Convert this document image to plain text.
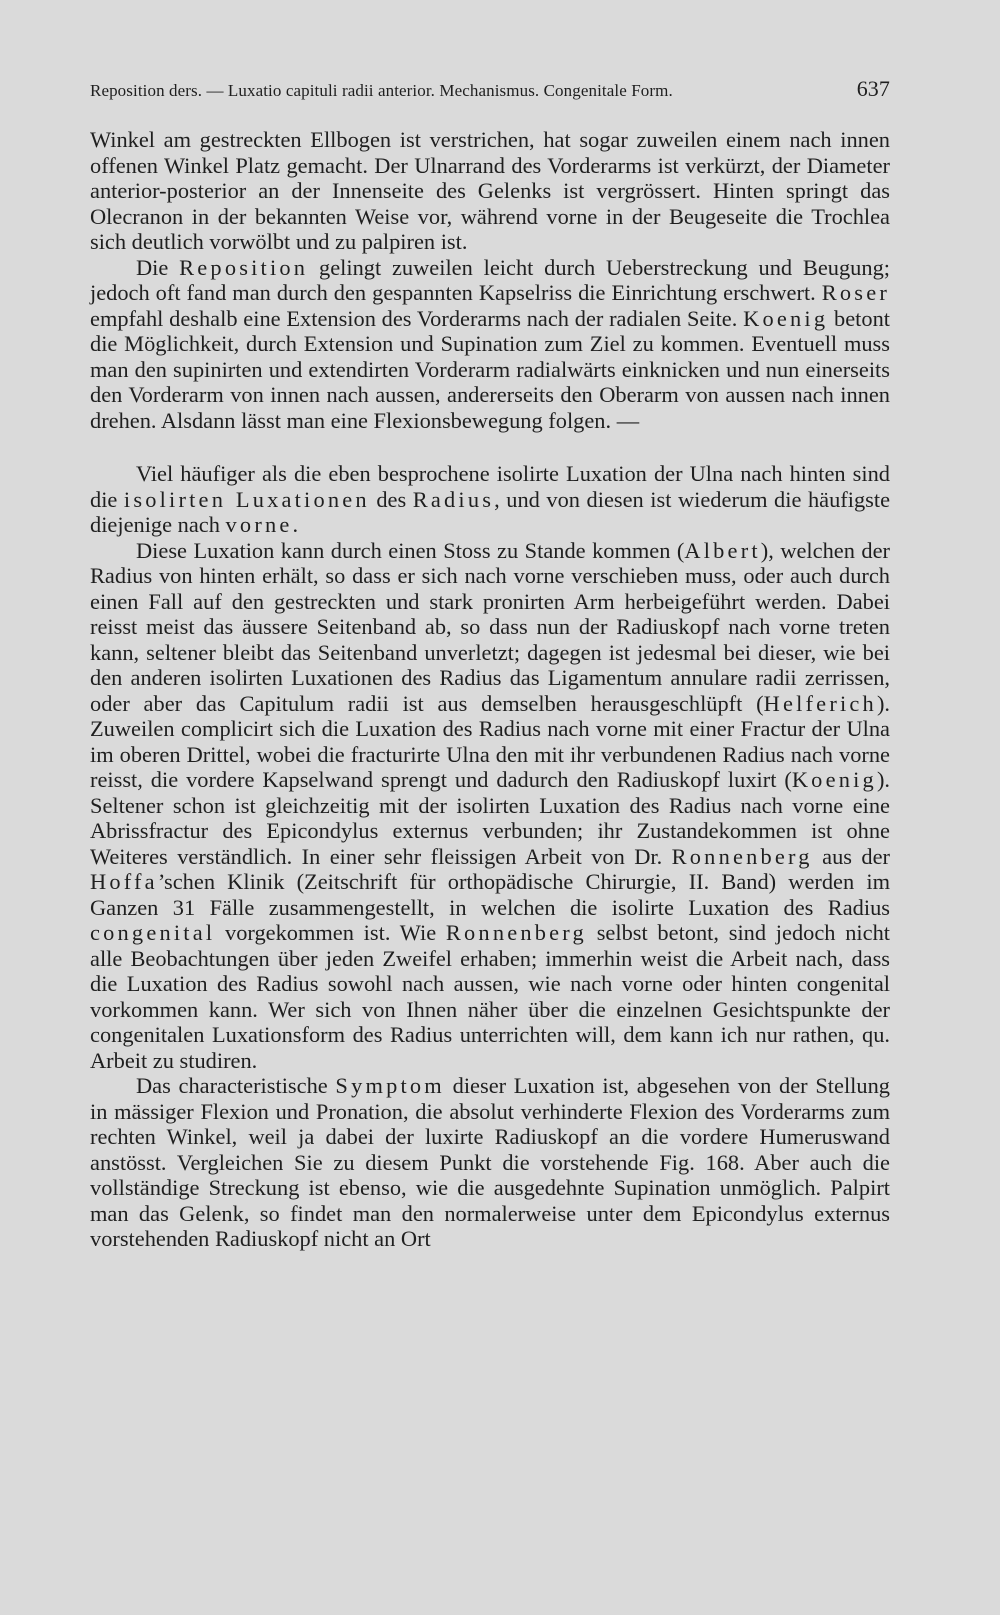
Reposition ders. — Luxatio capituli radii anterior. Mechanismus. Congenitale Form.	637

Winkel am gestreckten Ellbogen ist verstrichen, hat sogar zuweilen einem nach innen offenen Winkel Platz gemacht. Der Ulnarrand des Vorderarms ist verkürzt, der Diameter anterior-posterior an der Innenseite des Gelenks ist vergrössert. Hinten springt das Olecranon in der bekannten Weise vor, während vorne in der Beugeseite die Trochlea sich deutlich vorwölbt und zu palpiren ist.

Die Reposition gelingt zuweilen leicht durch Ueberstreckung und Beugung; jedoch oft fand man durch den gespannten Kapselriss die Einrichtung erschwert. Roser empfahl deshalb eine Extension des Vorderarms nach der radialen Seite. Koenig betont die Möglichkeit, durch Extension und Supination zum Ziel zu kommen. Eventuell muss man den supinirten und extendirten Vorderarm radialwärts einknicken und nun einerseits den Vorderarm von innen nach aussen, andererseits den Oberarm von aussen nach innen drehen. Alsdann lässt man eine Flexionsbewegung folgen. —

Viel häufiger als die eben besprochene isolirte Luxation der Ulna nach hinten sind die isolirten Luxationen des Radius, und von diesen ist wiederum die häufigste diejenige nach vorne.

Diese Luxation kann durch einen Stoss zu Stande kommen (Albert), welchen der Radius von hinten erhält, so dass er sich nach vorne verschieben muss, oder auch durch einen Fall auf den gestreckten und stark pronirten Arm herbeigeführt werden. Dabei reisst meist das äussere Seitenband ab, so dass nun der Radiuskopf nach vorne treten kann, seltener bleibt das Seitenband unverletzt; dagegen ist jedesmal bei dieser, wie bei den anderen isolirten Luxationen des Radius das Ligamentum annulare radii zerrissen, oder aber das Capitulum radii ist aus demselben herausgeschlüpft (Helferich). Zuweilen complicirt sich die Luxation des Radius nach vorne mit einer Fractur der Ulna im oberen Drittel, wobei die fracturirte Ulna den mit ihr verbundenen Radius nach vorne reisst, die vordere Kapselwand sprengt und dadurch den Radiuskopf luxirt (Koenig). Seltener schon ist gleichzeitig mit der isolirten Luxation des Radius nach vorne eine Abrissfractur des Epicondylus externus verbunden; ihr Zustandekommen ist ohne Weiteres verständlich. In einer sehr fleissigen Arbeit von Dr. Ronnenberg aus der Hoffa’schen Klinik (Zeitschrift für orthopädische Chirurgie, II. Band) werden im Ganzen 31 Fälle zusammengestellt, in welchen die isolirte Luxation des Radius congenital vorgekommen ist. Wie Ronnenberg selbst betont, sind jedoch nicht alle Beobachtungen über jeden Zweifel erhaben; immerhin weist die Arbeit nach, dass die Luxation des Radius sowohl nach aussen, wie nach vorne oder hinten congenital vorkommen kann. Wer sich von Ihnen näher über die einzelnen Gesichtspunkte der congenitalen Luxationsform des Radius unterrichten will, dem kann ich nur rathen, qu. Arbeit zu studiren.

Das characteristische Symptom dieser Luxation ist, abgesehen von der Stellung in mässiger Flexion und Pronation, die absolut verhinderte Flexion des Vorderarms zum rechten Winkel, weil ja dabei der luxirte Radiuskopf an die vordere Humeruswand anstösst. Vergleichen Sie zu diesem Punkt die vorstehende Fig. 168. Aber auch die vollständige Streckung ist ebenso, wie die ausgedehnte Supination unmöglich. Palpirt man das Gelenk, so findet man den normalerweise unter dem Epicondylus externus vorstehenden Radiuskopf nicht an Ort
